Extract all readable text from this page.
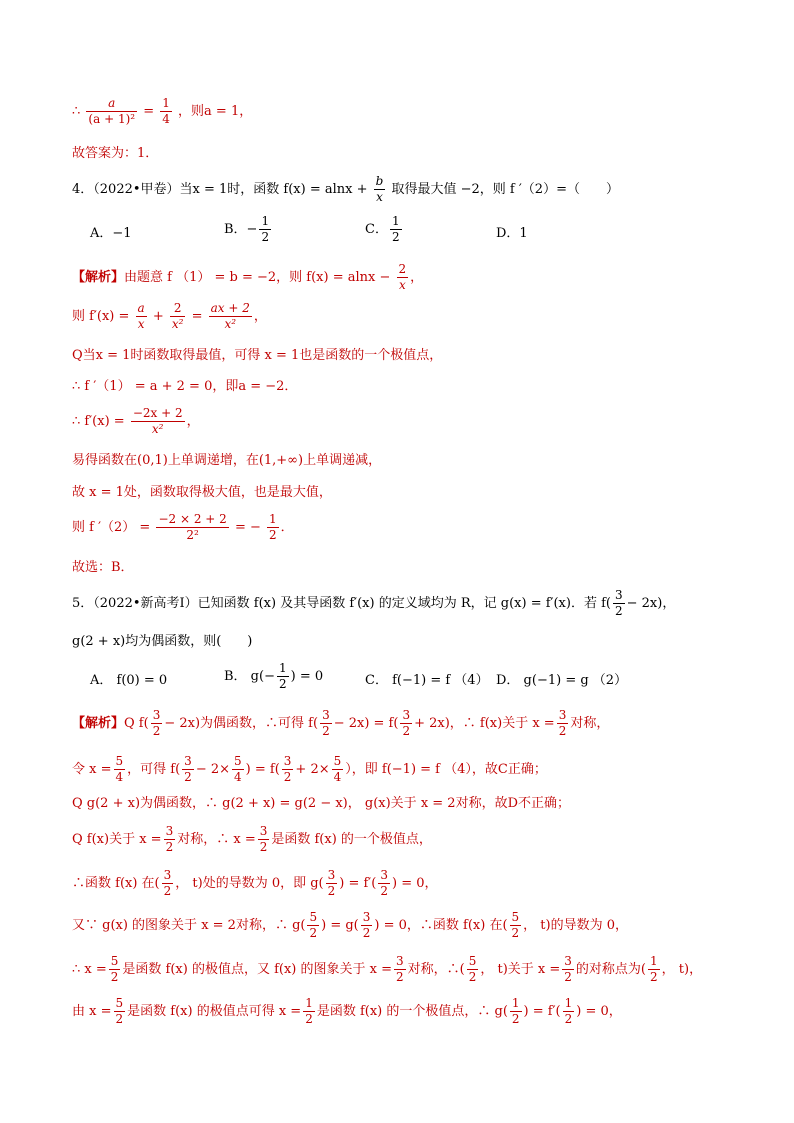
∴ $\frac{a}{\text{(a + 1)²}} = \frac{1}{4}$ ，则a = 1，
故答案为：1．
4．（2022•甲卷）当x = 1时，函数 $f(x) = alnx + \frac{b}{x}$ 取得最大值 −2，则 f ′（2）=（　　）
A．−1	B．− $\frac{1}{2}$	C． $\frac{1}{2}$	D．1
【解析】由题意 f （1） = b = −2，则 $f(x) = alnx - \frac{2}{x}$ ，
则 $f'(x) = \frac{a}{x} + \frac{2}{\text{x²}} = \frac{ax + 2}{\text{x²}}$ ，
Q当x = 1时函数取得最值，可得 x = 1也是函数的一个极值点，
∴ f ′（1） = a + 2 = 0，即a = −2．
∴ $f'(x) = \frac{-2x + 2}{\text{x²}}$ ，
易得函数在(0,1)上单调递增，在(1,+∞)上单调递减，
故 x = 1处，函数取得极大值，也是最大值，
则 f $'(2) = \frac{-2 \times 2 + 2}{\text{2²}}$ = − $\frac{1}{2}$ ．
故选：B．
5．（2022•新高考Ⅰ）已知函数 f(x) 及其导函数 f′(x) 的定义域均为 R，记 g(x) = f′(x)．若 $f( \frac{3}{2} - 2x)$，
g(2 + x)均为偶函数，则(　　)
A． f(0) = 0	B． $g(- \frac{1}{2}$ ) = 0	C． f(−1) = f （4） D． g(−1) = g （2）
【解析】Q $f( \frac{3}{2} - 2x)$为偶函数，∴可得 $f( \frac{3}{2} - 2x) = f( \frac{3}{2} + 2x)$，∴ f(x)关于 $x = \frac{3}{2}$ 对称，
令 $x = \frac{5}{4}$ ，可得 $f( \frac{3}{2} - 2\times \frac{5}{4}$ ) = $f( \frac{3}{2} + 2\times \frac{5}{4}$ ），即 f(−1) = f （4），故C正确；
Q g(2 + x)为偶函数，∴ g(2 + x) = g(2 − x)， g(x)关于 x = 2对称，故D不正确；
Q f(x)关于 $x = \frac{3}{2}$ 对称，∴ $x = \frac{3}{2}$ 是函数 f(x) 的一个极值点，
∴函数 f(x) 在( $\frac{3}{2}$ ， t)处的导数为 0，即 $g( \frac{3}{2}$ ) = $f'( \frac{3}{2}$ ) = 0，
又∵ g(x) 的图象关于 x = 2对称，∴ $g( \frac{5}{2}$ ) = $g( \frac{3}{2}$ ) = 0，∴函数 f(x) 在( $\frac{5}{2}$ ， t)的导数为 0，
∴ $x = \frac{5}{2}$ 是函数 f(x) 的极值点，又 f(x) 的图象关于 $x = \frac{3}{2}$ 对称，∴( $\frac{5}{2}$ ， t)关于 $x = \frac{3}{2}$ 的对称点为( $\frac{1}{2}$ ， t)，
由 $x = \frac{5}{2}$ 是函数 f(x) 的极值点可得 $x = \frac{1}{2}$ 是函数 f(x) 的一个极值点，∴ $g( \frac{1}{2}$ ) = $f'( \frac{1}{2}$ ) = 0，
